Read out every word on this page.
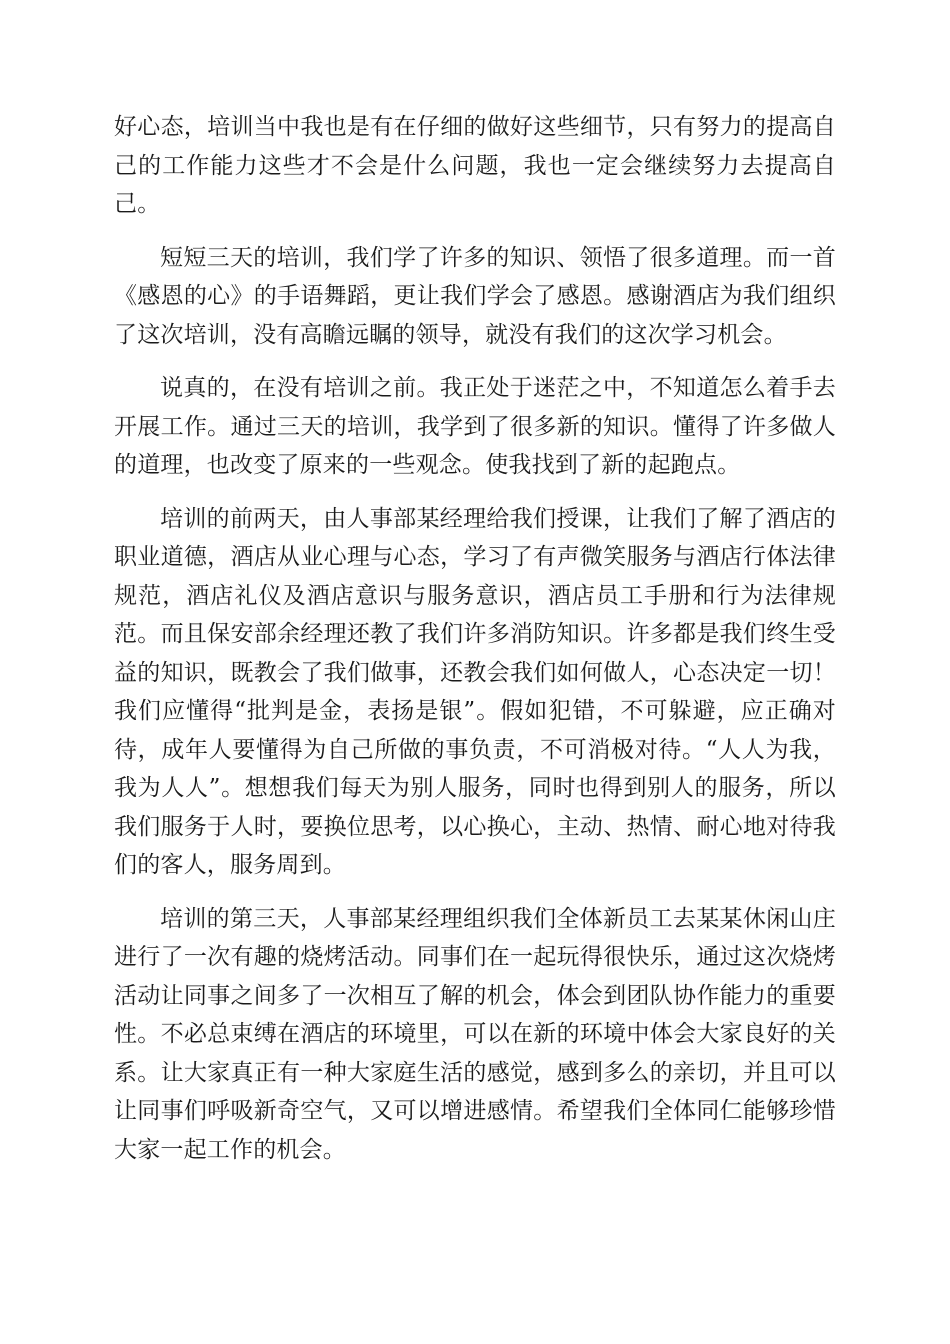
好心态，培训当中我也是有在仔细的做好这些细节，只有努力的提高自己的工作能力这些才不会是什么问题，我也一定会继续努力去提高自己。

短短三天的培训，我们学了许多的知识、领悟了很多道理。而一首《感恩的心》的手语舞蹈，更让我们学会了感恩。感谢酒店为我们组织了这次培训，没有高瞻远瞩的领导，就没有我们的这次学习机会。

说真的，在没有培训之前。我正处于迷茫之中，不知道怎么着手去开展工作。通过三天的培训，我学到了很多新的知识。懂得了许多做人的道理，也改变了原来的一些观念。使我找到了新的起跑点。

培训的前两天，由人事部某经理给我们授课，让我们了解了酒店的职业道德，酒店从业心理与心态，学习了有声微笑服务与酒店行体法律规范，酒店礼仪及酒店意识与服务意识，酒店员工手册和行为法律规范。而且保安部余经理还教了我们许多消防知识。许多都是我们终生受益的知识，既教会了我们做事，还教会我们如何做人，心态决定一切！我们应懂得“批判是金，表扬是银”。假如犯错，不可躲避，应正确对待，成年人要懂得为自己所做的事负责，不可消极对待。“人人为我，我为人人”。想想我们每天为别人服务，同时也得到别人的服务，所以我们服务于人时，要换位思考，以心换心，主动、热情、耐心地对待我们的客人，服务周到。

培训的第三天，人事部某经理组织我们全体新员工去某某休闲山庄进行了一次有趣的烧烤活动。同事们在一起玩得很快乐，通过这次烧烤活动让同事之间多了一次相互了解的机会，体会到团队协作能力的重要性。不必总束缚在酒店的环境里，可以在新的环境中体会大家良好的关系。让大家真正有一种大家庭生活的感觉，感到多么的亲切，并且可以让同事们呼吸新奇空气，又可以增进感情。希望我们全体同仁能够珍惜大家一起工作的机会。
